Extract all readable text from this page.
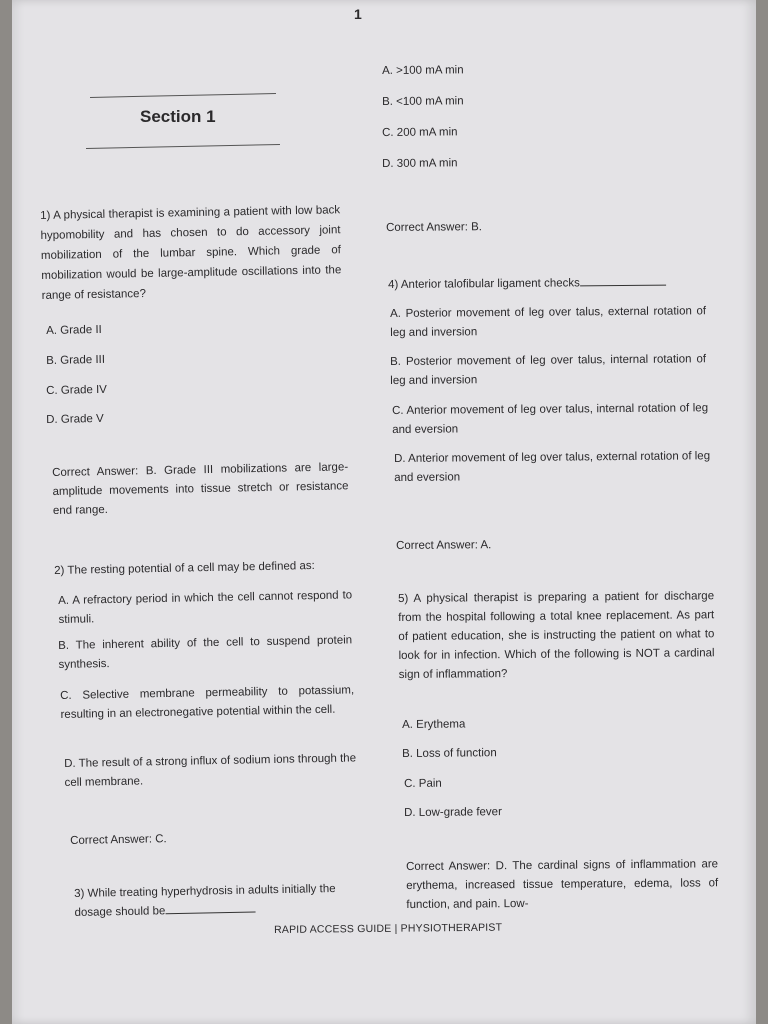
1
Section 1
1) A physical therapist is examining a patient with low back hypomobility and has chosen to do accessory joint mobilization of the lumbar spine. Which grade of mobilization would be large-amplitude oscillations into the range of resistance?
A. Grade II
B. Grade III
C. Grade IV
D. Grade V
Correct Answer: B. Grade III mobilizations are large-amplitude movements into tissue stretch or resistance end range.
2) The resting potential of a cell may be defined as:
A. A refractory period in which the cell cannot respond to stimuli.
B. The inherent ability of the cell to suspend protein synthesis.
C. Selective membrane permeability to potassium, resulting in an electronegative potential within the cell.
D. The result of a strong influx of sodium ions through the cell membrane.
Correct Answer: C.
3) While treating hyperhydrosis in adults initially the dosage should be
A. >100 mA min
B. <100 mA min
C. 200 mA min
D. 300 mA min
Correct Answer: B.
4) Anterior talofibular ligament checks
A. Posterior movement of leg over talus, external rotation of leg and inversion
B. Posterior movement of leg over talus, internal rotation of leg and inversion
C. Anterior movement of leg over talus, internal rotation of leg and eversion
D. Anterior movement of leg over talus, external rotation of leg and eversion
Correct Answer: A.
5) A physical therapist is preparing a patient for discharge from the hospital following a total knee replacement. As part of patient education, she is instructing the patient on what to look for in infection. Which of the following is NOT a cardinal sign of inflammation?
A. Erythema
B. Loss of function
C. Pain
D. Low-grade fever
Correct Answer: D. The cardinal signs of inflammation are erythema, increased tissue temperature, edema, loss of function, and pain. Low-
RAPID ACCESS GUIDE | PHYSIOTHERAPIST
